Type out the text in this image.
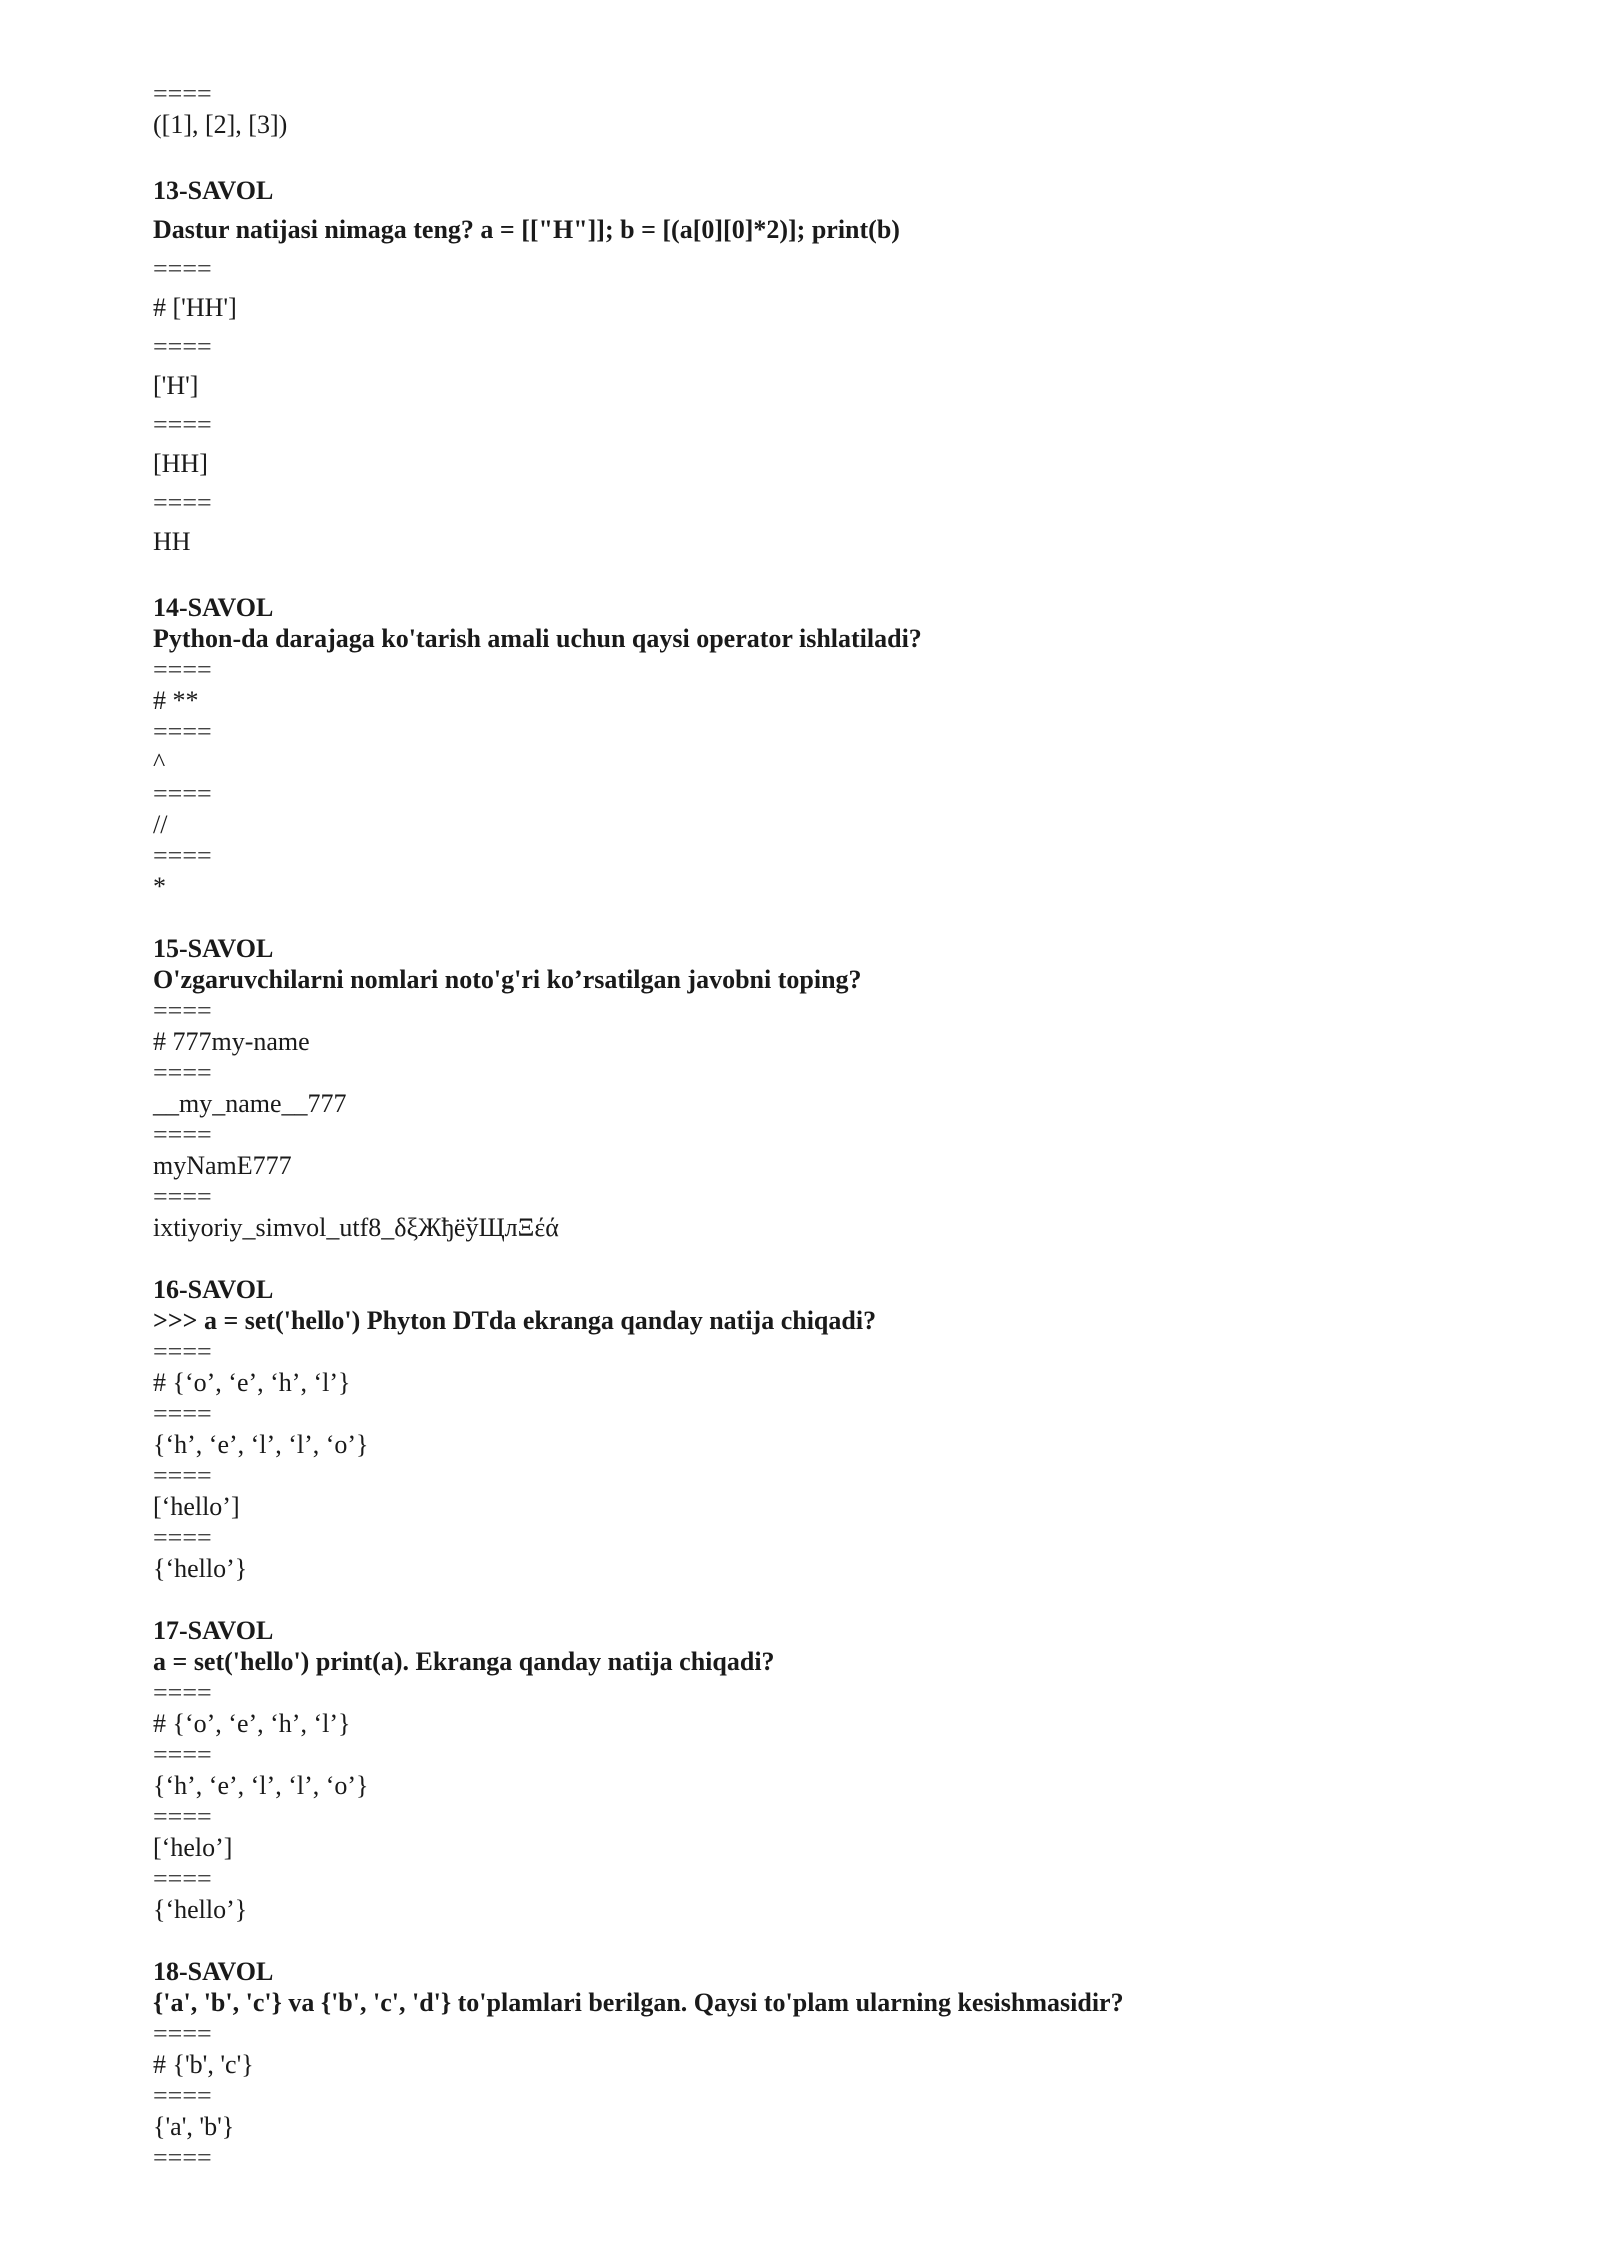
====
([1], [2], [3])
13-SAVOL
Dastur natijasi nimaga teng? a = [["H"]]; b = [(a[0][0]*2)]; print(b)
====
# ['HH']
====
['H']
====
[HH]
====
HH
14-SAVOL
Python-da darajaga ko'tarish amali uchun qaysi operator ishlatiladi?
====
# **
====
^
====
//
====
*
15-SAVOL
O'zgaruvchilarni nomlari noto'g'ri ko’rsatilgan javobni toping?
====
# 777my-name
====
__my_name__777
====
myNamE777
====
ixtiyoriy_simvol_utf8_δξЖђёўЩлΞέά
16-SAVOL
>>> a = set('hello') Phyton DTda ekranga qanday natija chiqadi?
====
# {‘o’, ‘e’, ‘h’, ‘l’}
====
{‘h’, ‘e’, ‘l’, ‘l’, ‘o’}
====
[‘hello’]
====
{‘hello’}
17-SAVOL
a = set('hello') print(a). Ekranga qanday natija chiqadi?
====
# {‘o’, ‘e’, ‘h’, ‘l’}
====
{‘h’, ‘e’, ‘l’, ‘l’, ‘o’}
====
[‘helo’]
====
{‘hello’}
18-SAVOL
{'a', 'b', 'c'} va {'b', 'c', 'd'} to'plamlari berilgan. Qaysi to'plam ularning kesishmasidir?
====
# {'b', 'c'}
====
{'a', 'b'}
====
